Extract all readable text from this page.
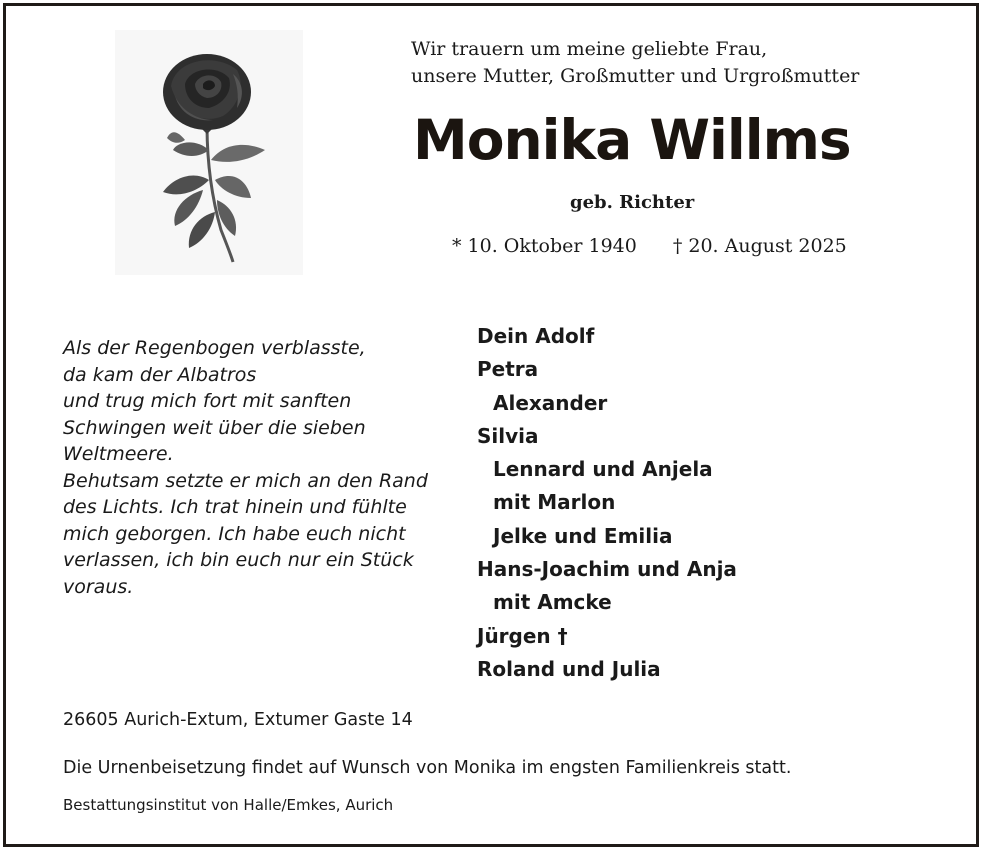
Wir trauern um meine geliebte Frau,
unsere Mutter, Großmutter und Urgroßmutter
Monika Willms
geb. Richter
* 10. Oktober 1940 † 20. August 2025
Als der Regenbogen verblasste,
da kam der Albatros
und trug mich fort mit sanften
Schwingen weit über die sieben
Weltmeere.
Behutsam setzte er mich an den Rand
des Lichts. Ich trat hinein und fühlte
mich geborgen. Ich habe euch nicht
verlassen, ich bin euch nur ein Stück
voraus.
Dein Adolf
Petra
Alexander
Silvia
Lennard und Anjela
mit Marlon
Jelke und Emilia
Hans-Joachim und Anja
mit Amcke
Jürgen †
Roland und Julia
26605 Aurich-Extum, Extumer Gaste 14
Die Urnenbeisetzung findet auf Wunsch von Monika im engsten Familienkreis statt.
Bestattungsinstitut von Halle/Emkes, Aurich
